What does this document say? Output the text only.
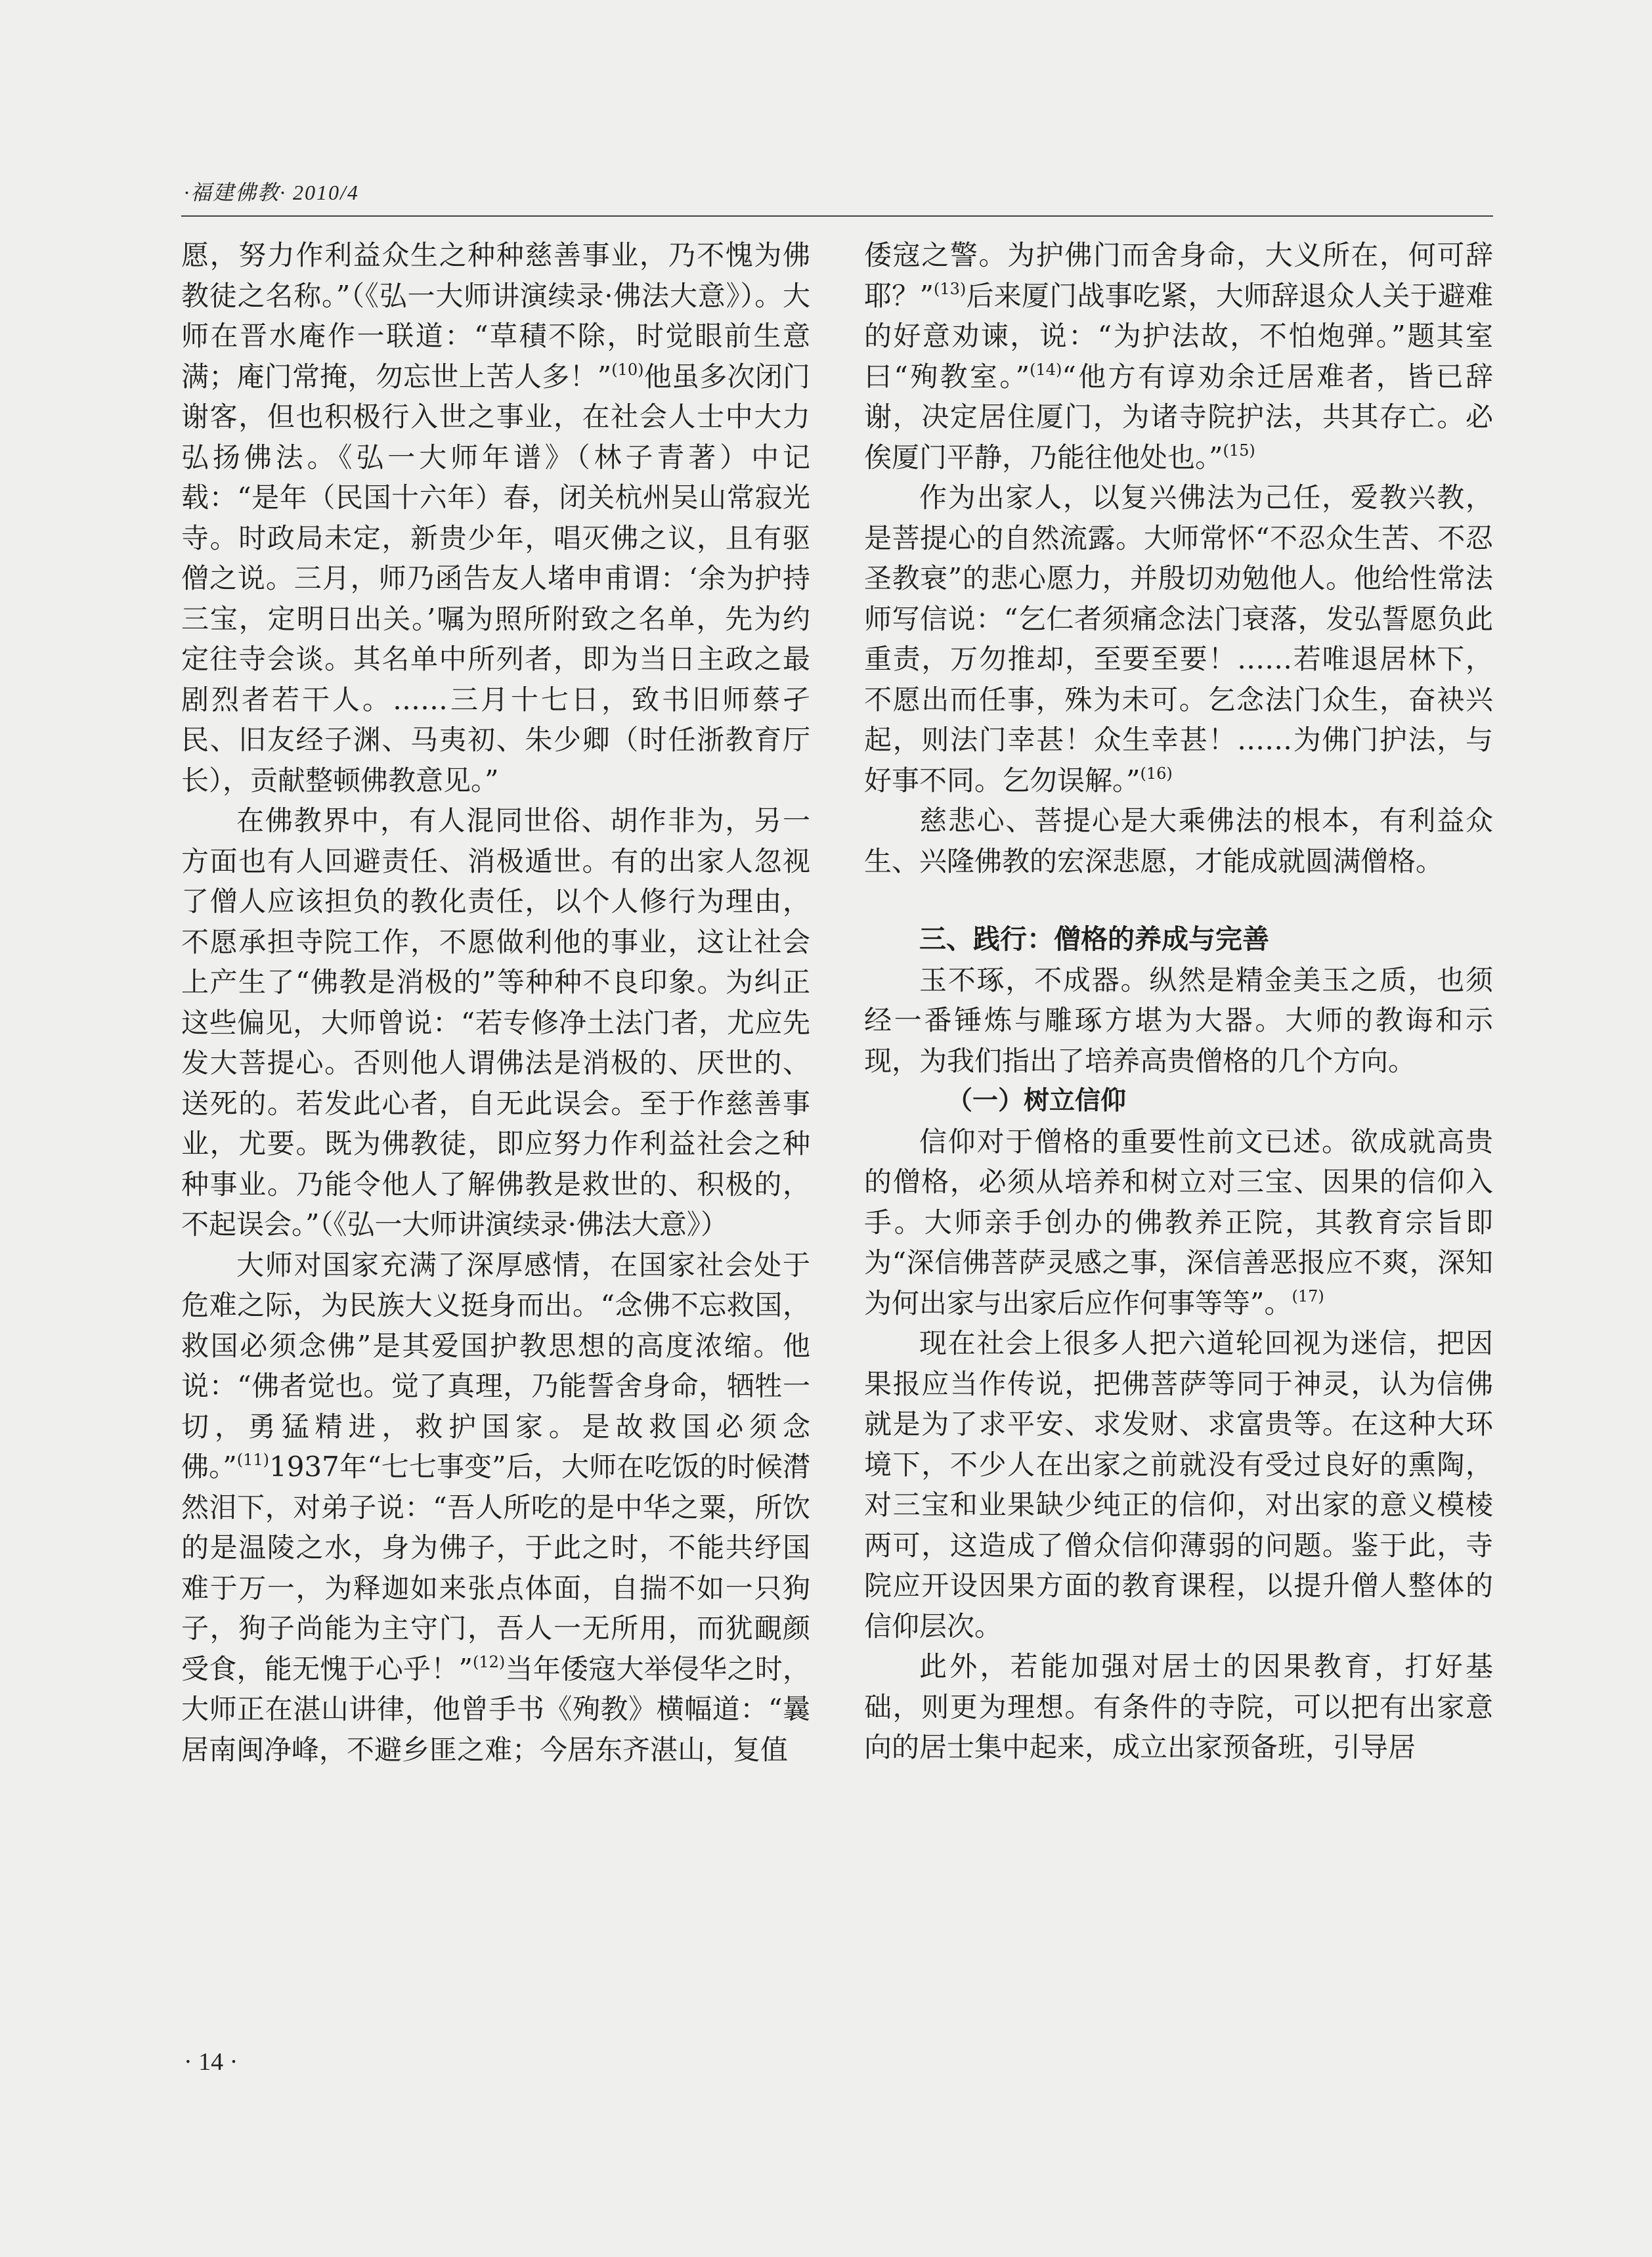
·福建佛教· 2010/4

愿，努力作利益众生之种种慈善事业，乃不愧为佛教徒之名称。”（《弘一大师讲演续录·佛法大意》）。大师在晋水庵作一联道：“草積不除，时觉眼前生意满；庵门常掩，勿忘世上苦人多！”$^{(10)}$他虽多次闭门谢客，但也积极行入世之事业，在社会人士中大力弘扬佛法。《弘一大师年谱》（林子青著）中记载：“是年（民国十六年）春，闭关杭州吴山常寂光寺。时政局未定，新贵少年，唱灭佛之议，且有驱僧之说。三月，师乃函告友人堵申甫谓：‘余为护持三宝，定明日出关。’嘱为照所附致之名单，先为约定往寺会谈。其名单中所列者，即为当日主政之最剧烈者若干人。……三月十七日，致书旧师蔡孑民、旧友经子渊、马夷初、朱少卿（时任浙教育厅长），贡献整顿佛教意见。”

在佛教界中，有人混同世俗、胡作非为，另一方面也有人回避责任、消极遁世。有的出家人忽视了僧人应该担负的教化责任，以个人修行为理由，不愿承担寺院工作，不愿做利他的事业，这让社会上产生了“佛教是消极的”等种种不良印象。为纠正这些偏见，大师曾说：“若专修净土法门者，尤应先发大菩提心。否则他人谓佛法是消极的、厌世的、送死的。若发此心者，自无此误会。至于作慈善事业，尤要。既为佛教徒，即应努力作利益社会之种种事业。乃能令他人了解佛教是救世的、积极的，不起误会。”（《弘一大师讲演续录·佛法大意》）

大师对国家充满了深厚感情，在国家社会处于危难之际，为民族大义挺身而出。“念佛不忘救国，救国必须念佛”是其爱国护教思想的高度浓缩。他说：“佛者觉也。觉了真理，乃能誓舍身命，牺牲一切，勇猛精进，救护国家。是故救国必须念佛。”$^{(11)}$1937年“七七事变”后，大师在吃饭的时候潸然泪下，对弟子说：“吾人所吃的是中华之粟，所饮的是温陵之水，身为佛子，于此之时，不能共纾国难于万一，为释迦如来张点体面，自揣不如一只狗子，狗子尚能为主守门，吾人一无所用，而犹靦颜受食，能无愧于心乎！”$^{(12)}$当年倭寇大举侵华之时，大师正在湛山讲律，他曾手书《殉教》横幅道：“曩居南闽净峰，不避乡匪之难；今居东齐湛山，复值

倭寇之警。为护佛门而舍身命，大义所在，何可辞耶？”$^{(13)}$后来厦门战事吃紧，大师辞退众人关于避难的好意劝谏，说：“为护法故，不怕炮弹。”题其室曰“殉教室。”$^{(14)}$“他方有谆劝余迁居难者，皆已辞谢，决定居住厦门，为诸寺院护法，共其存亡。必俟厦门平静，乃能往他处也。”$^{(15)}$

作为出家人，以复兴佛法为己任，爱教兴教，是菩提心的自然流露。大师常怀“不忍众生苦、不忍圣教衰”的悲心愿力，并殷切劝勉他人。他给性常法师写信说：“乞仁者须痛念法门衰落，发弘誓愿负此重责，万勿推却，至要至要！……若唯退居林下，不愿出而任事，殊为未可。乞念法门众生，奋袂兴起，则法门幸甚！众生幸甚！……为佛门护法，与好事不同。乞勿误解。”$^{(16)}$

慈悲心、菩提心是大乘佛法的根本，有利益众生、兴隆佛教的宏深悲愿，才能成就圆满僧格。

三、践行：僧格的养成与完善

玉不琢，不成器。纵然是精金美玉之质，也须经一番锤炼与雕琢方堪为大器。大师的教诲和示现，为我们指出了培养高贵僧格的几个方向。

（一）树立信仰

信仰对于僧格的重要性前文已述。欲成就高贵的僧格，必须从培养和树立对三宝、因果的信仰入手。大师亲手创办的佛教养正院，其教育宗旨即为“深信佛菩萨灵感之事，深信善恶报应不爽，深知为何出家与出家后应作何事等等”。$^{(17)}$

现在社会上很多人把六道轮回视为迷信，把因果报应当作传说，把佛菩萨等同于神灵，认为信佛就是为了求平安、求发财、求富贵等。在这种大环境下，不少人在出家之前就没有受过良好的熏陶，对三宝和业果缺少纯正的信仰，对出家的意义模棱两可，这造成了僧众信仰薄弱的问题。鉴于此，寺院应开设因果方面的教育课程，以提升僧人整体的信仰层次。

此外，若能加强对居士的因果教育，打好基础，则更为理想。有条件的寺院，可以把有出家意向的居士集中起来，成立出家预备班，引导居

· 14 ·
